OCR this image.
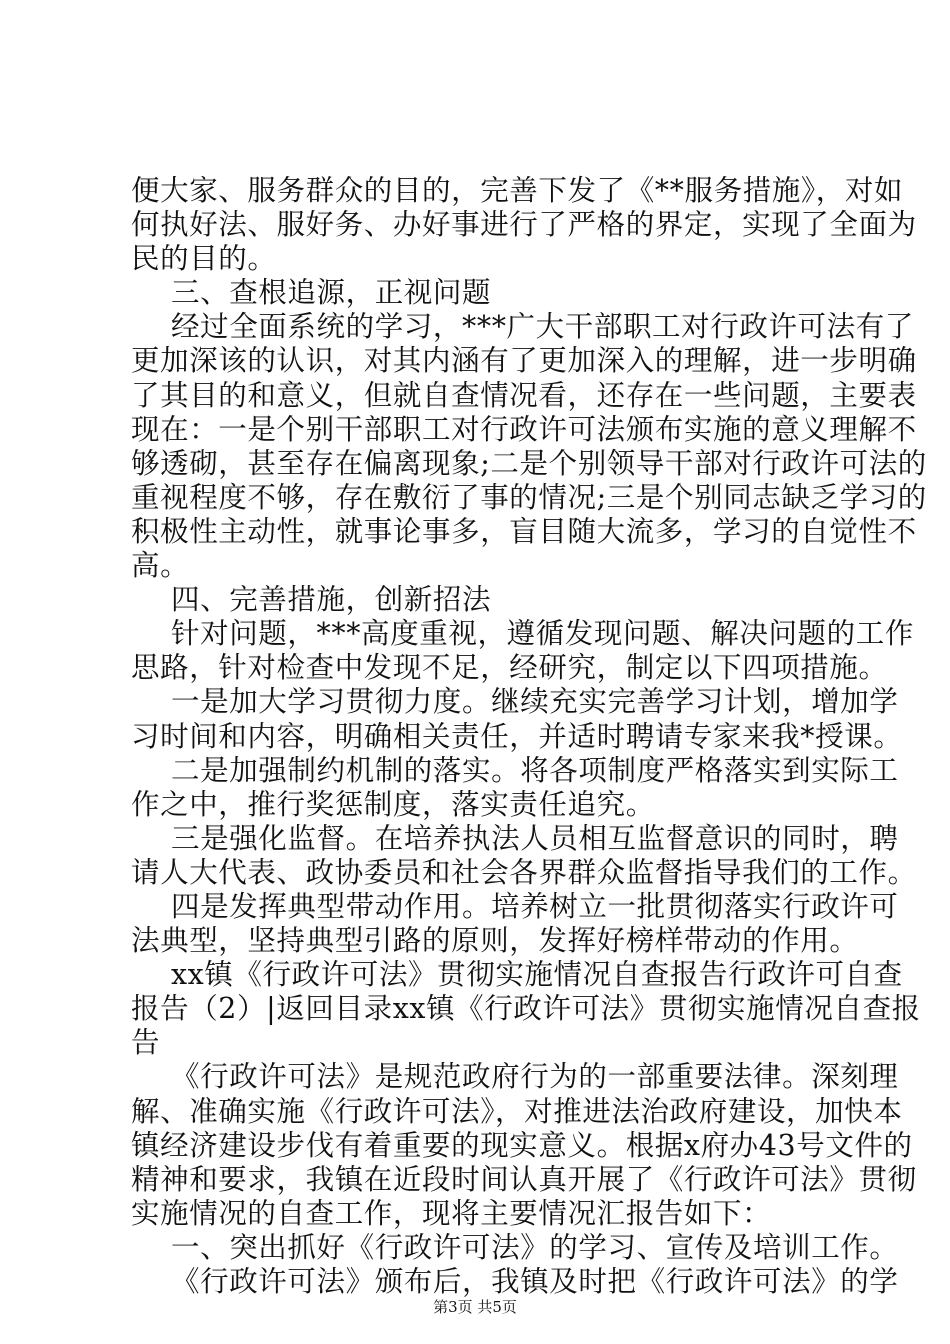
便大家、服务群众的目的，完善下发了《**服务措施》，对如
何执好法、服好务、办好事进行了严格的界定，实现了全面为
民的目的。
三、查根追源，正视问题
经过全面系统的学习，***广大干部职工对行政许可法有了
更加深该的认识，对其内涵有了更加深入的理解，进一步明确
了其目的和意义，但就自查情况看，还存在一些问题，主要表
现在：一是个别干部职工对行政许可法颁布实施的意义理解不
够透砌，甚至存在偏离现象;二是个别领导干部对行政许可法的
重视程度不够，存在敷衍了事的情况;三是个别同志缺乏学习的
积极性主动性，就事论事多，盲目随大流多，学习的自觉性不
高。
四、完善措施，创新招法
针对问题，***高度重视，遵循发现问题、解决问题的工作
思路，针对检查中发现不足，经研究，制定以下四项措施。
一是加大学习贯彻力度。继续充实完善学习计划，增加学
习时间和内容，明确相关责任，并适时聘请专家来我*授课。
二是加强制约机制的落实。将各项制度严格落实到实际工
作之中，推行奖惩制度，落实责任追究。
三是强化监督。在培养执法人员相互监督意识的同时，聘
请人大代表、政协委员和社会各界群众监督指导我们的工作。
四是发挥典型带动作用。培养树立一批贯彻落实行政许可
法典型，坚持典型引路的原则，发挥好榜样带动的作用。
xx镇《行政许可法》贯彻实施情况自查报告行政许可自查
报告（2）|返回目录xx镇《行政许可法》贯彻实施情况自查报
告
《行政许可法》是规范政府行为的一部重要法律。深刻理
解、准确实施《行政许可法》，对推进法治政府建设，加快本
镇经济建设步伐有着重要的现实意义。根据x府办43号文件的
精神和要求，我镇在近段时间认真开展了《行政许可法》贯彻
实施情况的自查工作，现将主要情况汇报告如下：
一、突出抓好《行政许可法》的学习、宣传及培训工作。
《行政许可法》颁布后，我镇及时把《行政许可法》的学
第3页 共5页
